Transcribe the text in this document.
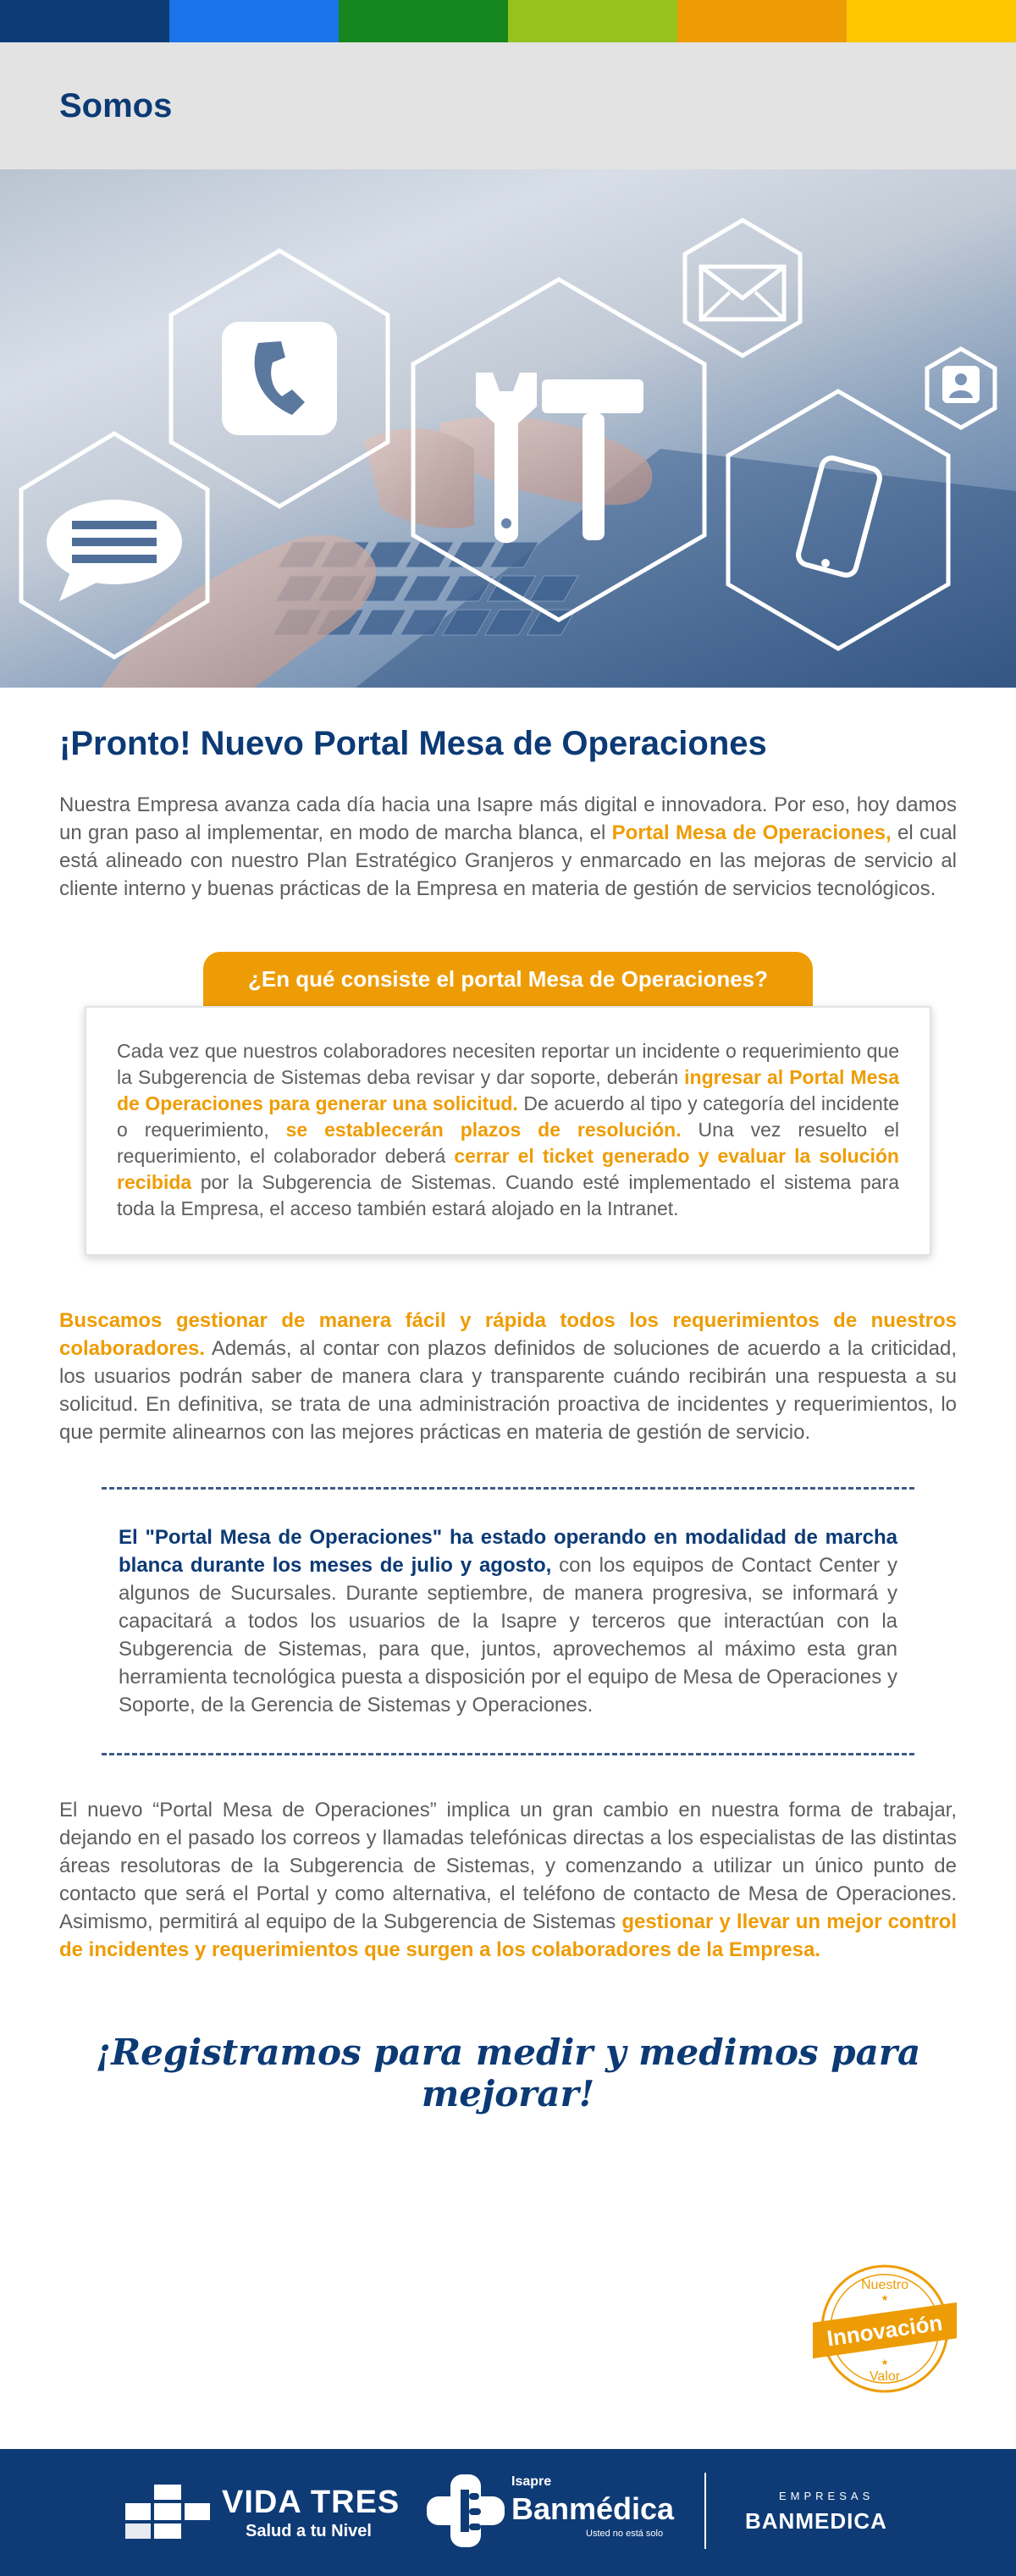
Somos
¡Pronto! Nuevo Portal Mesa de Operaciones

Nuestra Empresa avanza cada día hacia una Isapre más digital e innovadora. Por eso, hoy damos un gran paso al implementar, en modo de marcha blanca, el Portal Mesa de Operaciones, el cual está alineado con nuestro Plan Estratégico Granjeros y enmarcado en las mejoras de servicio al cliente interno y buenas prácticas de la Empresa en materia de gestión de servicios tecnológicos.

¿En qué consiste el portal Mesa de Operaciones?

Cada vez que nuestros colaboradores necesiten reportar un incidente o requerimiento que la Subgerencia de Sistemas deba revisar y dar soporte, deberán ingresar al Portal Mesa de Operaciones para generar una solicitud. De acuerdo al tipo y categoría del incidente o requerimiento, se establecerán plazos de resolución. Una vez resuelto el requerimiento, el colaborador deberá cerrar el ticket generado y evaluar la solución recibida por la Subgerencia de Sistemas. Cuando esté implementado el sistema para toda la Empresa, el acceso también estará alojado en la Intranet.

Buscamos gestionar de manera fácil y rápida todos los requerimientos de nuestros colaboradores. Además, al contar con plazos definidos de soluciones de acuerdo a la criticidad, los usuarios podrán saber de manera clara y transparente cuándo recibirán una respuesta a su solicitud. En definitiva, se trata de una administración proactiva de incidentes y requerimientos, lo que permite alinearnos con las mejores prácticas en materia de gestión de servicio.

El "Portal Mesa de Operaciones" ha estado operando en modalidad de marcha blanca durante los meses de julio y agosto, con los equipos de Contact Center y algunos de Sucursales. Durante septiembre, de manera progresiva, se informará y capacitará a todos los usuarios de la Isapre y terceros que interactúan con la Subgerencia de Sistemas, para que, juntos, aprovechemos al máximo esta gran herramienta tecnológica puesta a disposición por el equipo de Mesa de Operaciones y Soporte, de la Gerencia de Sistemas y Operaciones.

El nuevo “Portal Mesa de Operaciones” implica un gran cambio en nuestra forma de trabajar, dejando en el pasado los correos y llamadas telefónicas directas a los especialistas de las distintas áreas resolutoras de la Subgerencia de Sistemas, y comenzando a utilizar un único punto de contacto que será el Portal y como alternativa, el teléfono de contacto de Mesa de Operaciones. Asimismo, permitirá al equipo de la Subgerencia de Sistemas gestionar y llevar un mejor control de incidentes y requerimientos que surgen a los colaboradores de la Empresa.

¡Registramos para medir y medimos para mejorar!

Nuestro
★
Innovación
★
Valor
VIDA TRES
Salud a tu Nivel
Isapre
Banmédica
Usted no está solo
EMPRESAS
BANMEDICA
